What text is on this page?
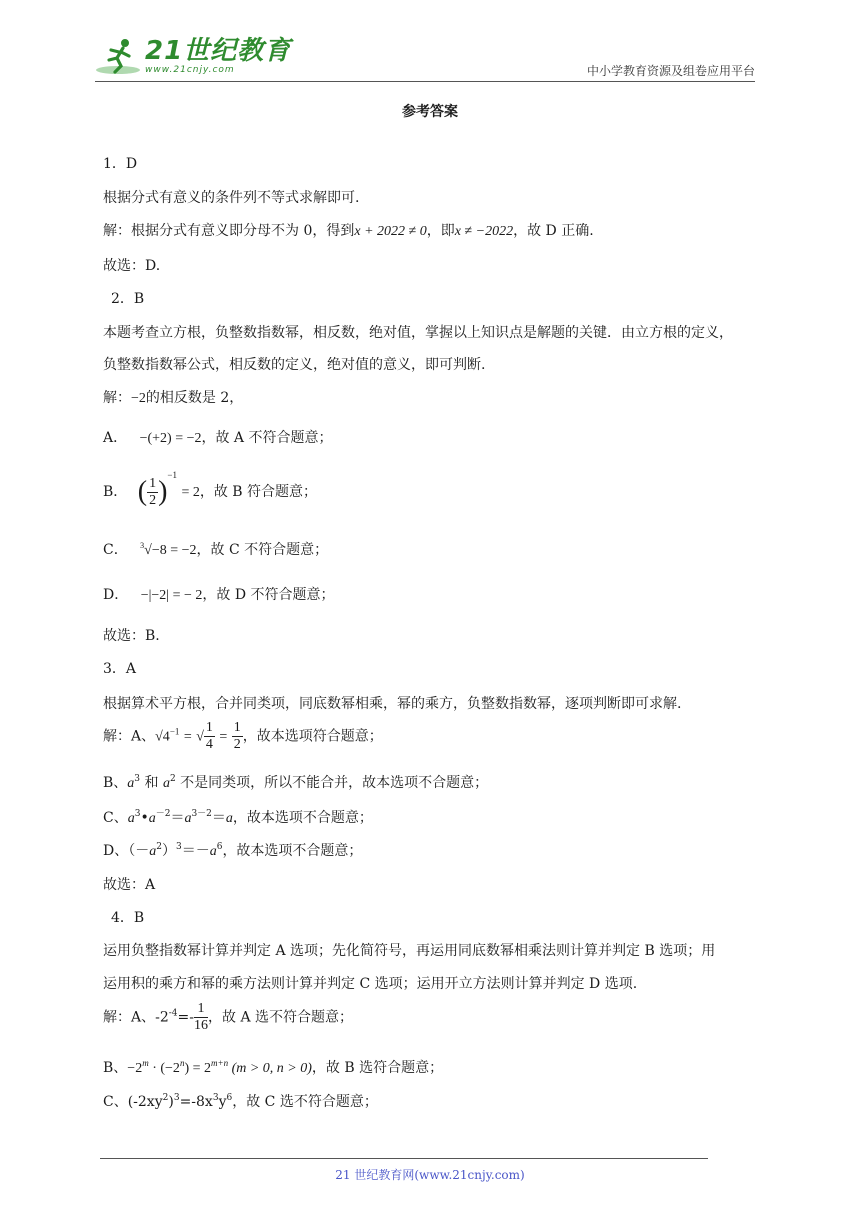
21世纪教育
www.21cnjy.com	中小学教育资源及组卷应用平台
参考答案
1．D
根据分式有意义的条件列不等式求解即可.
解：根据分式有意义即分母不为 0，得到x + 2022 ≠ 0，即x ≠ −2022，故 D 正确.
故选：D.
2．B
本题考查立方根，负整数指数幂，相反数，绝对值，掌握以上知识点是解题的关键．由立方根的定义，
负整数指数幂公式，相反数的定义，绝对值的意义，即可判断.
解：−2的相反数是 2，
A． −(+2) = −2，故 A 不符合题意；
B． ( $\frac{1}{2} )^{-1} = 2$，故 B 符合题意；
C． $^3$√−8 = −2，故 C 不符合题意；
D． −|−2| = − 2，故 D 不符合题意；
故选：B.
3．A
根据算术平方根，合并同类项，同底数幂相乘，幂的乘方，负整数指数幂，逐项判断即可求解.
解：A、$√4^{-1}$ = √ $\frac{1}{4} = \frac{1}{2}$ ，故本选项符合题意；
B、$a^3$ 和 $a^2$ 不是同类项，所以不能合并，故本选项不合题意；
C、$a^3•a^{-2}=a^{3-2}=a$，故本选项不合题意；
D、$(-a^2)^3=-a^6$，故本选项不合题意；
故选：A
4．B
运用负整指数幂计算并判定 A 选项；先化简符号，再运用同底数幂相乘法则计算并判定 B 选项；用
运用积的乘方和幂的乘方法则计算并判定 C 选项；运用开立方法则计算并判定 D 选项.
解：A、$-2^{-4}=- \frac{1}{16}$ ，故 A 选不符合题意；
B、$-2^m \cdot (-2^n) = 2^{m+n}$ (m > 0, n > 0)，故 B 选符合题意；
C、$(-2xy^2)^3=-8x^3y^6$，故 C 选不符合题意；
21 世纪教育网(www.21cnjy.com)
